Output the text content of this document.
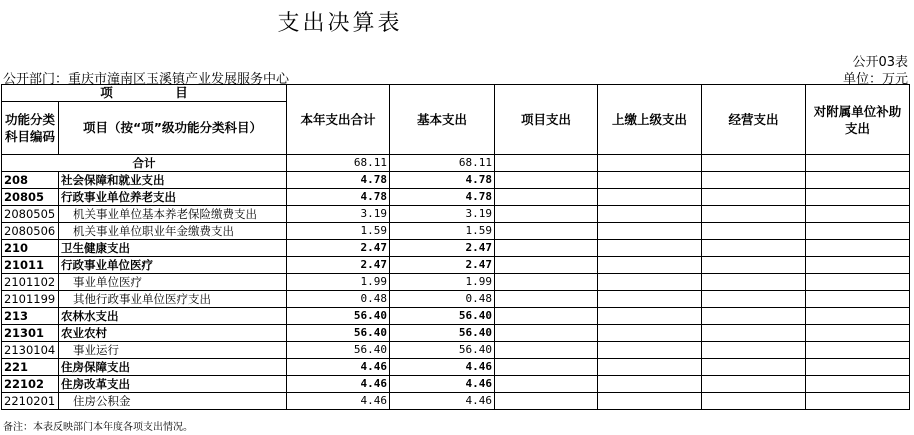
支出决算表
公开03表
公开部门：重庆市潼南区玉溪镇产业发展服务中心	单位：万元
项　　　　　目		本年支出合计	基本支出	项目支出	上缴上级支出	经营支出	对附属单位补助支出
功能分类科目编码	项目（按“项”级功能分类科目）						
合计		68.11	68.11				
208	社会保障和就业支出	4.78	4.78				
20805	行政事业单位养老支出	4.78	4.78				
2080505	机关事业单位基本养老保险缴费支出	3.19	3.19				
2080506	机关事业单位职业年金缴费支出	1.59	1.59				
210	卫生健康支出	2.47	2.47				
21011	行政事业单位医疗	2.47	2.47				
2101102	事业单位医疗	1.99	1.99				
2101199	其他行政事业单位医疗支出	0.48	0.48				
213	农林水支出	56.40	56.40				
21301	农业农村	56.40	56.40				
2130104	事业运行	56.40	56.40				
221	住房保障支出	4.46	4.46				
22102	住房改革支出	4.46	4.46				
2210201	住房公积金	4.46	4.46				
备注：本表反映部门本年度各项支出情况。
